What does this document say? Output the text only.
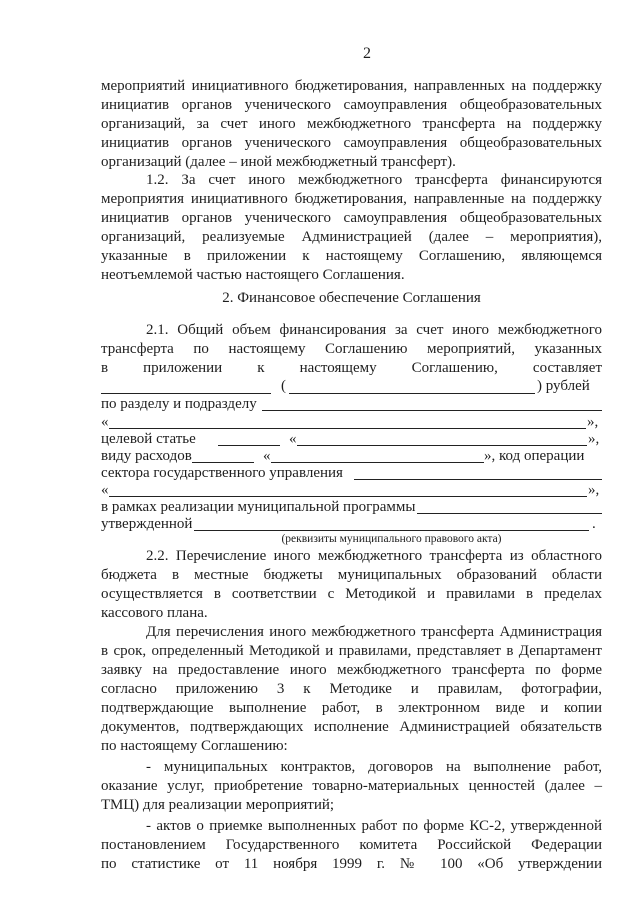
2
мероприятий инициативного бюджетирования, направленных на поддержку
инициатив органов ученического самоуправления общеобразовательных
организаций, за счет иного межбюджетного трансферта на поддержку
инициатив органов ученического самоуправления общеобразовательных
организаций (далее – иной межбюджетный трансферт).
1.2. За счет иного межбюджетного трансферта финансируются
мероприятия инициативного бюджетирования, направленные на поддержку
инициатив органов ученического самоуправления общеобразовательных
организаций, реализуемые Администрацией (далее – мероприятия),
указанные в приложении к настоящему Соглашению, являющемся
неотъемлемой частью настоящего Соглашения.
2. Финансовое обеспечение Соглашения
2.1. Общий объем финансирования за счет иного межбюджетного
трансферта по настоящему Соглашению мероприятий, указанных
в приложении к настоящему Соглашению, составляет
(	) рублей
по разделу и подразделу
«	»,
целевой статье	«	»,
виду расходов	«	», код операции
сектора государственного управления
«	»,
в рамках реализации муниципальной программы
утвержденной	.
(реквизиты муниципального правового акта)
2.2. Перечисление иного межбюджетного трансферта из областного
бюджета в местные бюджеты муниципальных образований области
осуществляется в соответствии с Методикой и правилами в пределах
кассового плана.
Для перечисления иного межбюджетного трансферта Администрация
в срок, определенный Методикой и правилами, представляет в Департамент
заявку на предоставление иного межбюджетного трансферта по форме
согласно приложению 3 к Методике и правилам, фотографии,
подтверждающие выполнение работ, в электронном виде и копии
документов, подтверждающих исполнение Администрацией обязательств
по настоящему Соглашению:
- муниципальных контрактов, договоров на выполнение работ,
оказание услуг, приобретение товарно-материальных ценностей (далее –
ТМЦ) для реализации мероприятий;
- актов о приемке выполненных работ по форме КС-2, утвержденной
постановлением Государственного комитета Российской Федерации
по статистике от 11 ноября 1999 г. № 100 «Об утверждении
